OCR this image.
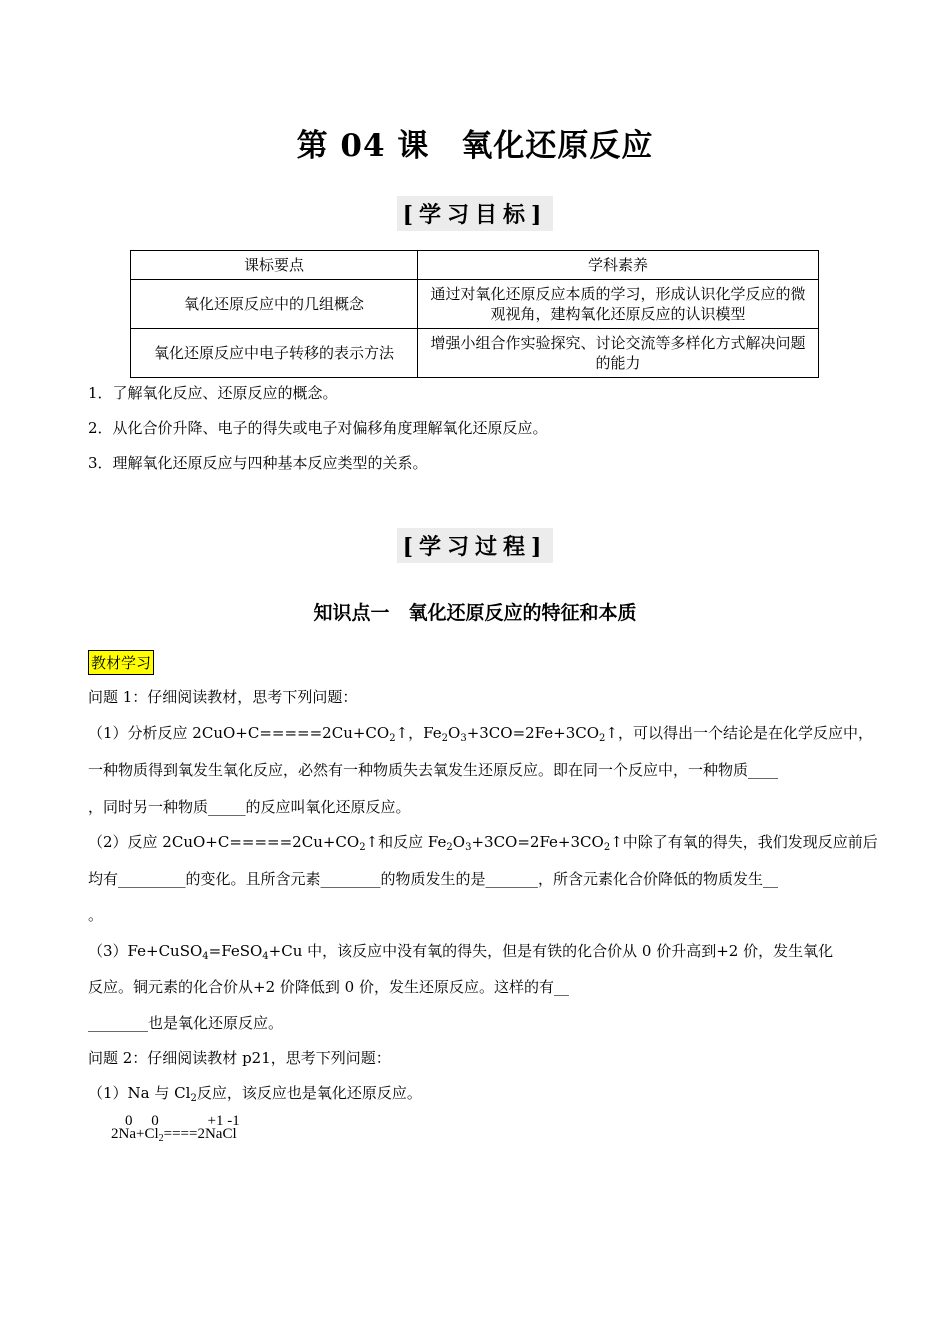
第 04 课　氧化还原反应
[学习目标]
课标要点	学科素养
氧化还原反应中的几组概念	通过对氧化还原反应本质的学习，形成认识化学反应的微观视角，建构氧化还原反应的认识模型
氧化还原反应中电子转移的表示方法	增强小组合作实验探究、讨论交流等多样化方式解决问题的能力
1．了解氧化反应、还原反应的概念。
2．从化合价升降、电子的得失或电子对偏移角度理解氧化还原反应。
3．理解氧化还原反应与四种基本反应类型的关系。
[学习过程]
知识点一　氧化还原反应的特征和本质
教材学习
问题 1：仔细阅读教材，思考下列问题：
（1）分析反应 $2CuO+C=====2Cu+CO_2↑$，$Fe_2O_3+3CO=2Fe+3CO_2↑$，可以得出一个结论是在化学反应中，
一种物质得到氧发生氧化反应，必然有一种物质失去氧发生还原反应。即在同一个反应中，一种物质____
，同时另一种物质_____的反应叫氧化还原反应。
（2）反应 $2CuO+C=====2Cu+CO_2↑$和反应 $Fe_2O_3+3CO=2Fe+3CO_2↑$中除了有氧的得失，我们发现反应前后
均有_________的变化。且所含元素________的物质发生的是_______，所含元素化合价降低的物质发生__
。
（3）Fe+CuSO$_4$=FeSO$_4$+Cu 中，该反应中没有氧的得失，但是有铁的化合价从 0 价升高到+2 价，发生氧化
反应。铜元素的化合价从+2 价降低到 0 价，发生还原反应。这样的有__
________也是氧化还原反应。
问题 2：仔细阅读教材 p21，思考下列问题：
（1）Na 与 $Cl_2$反应，该反应也是氧化还原反应。
0　 0　　　 +1 -1
$2Na+Cl_2====2NaCl$
